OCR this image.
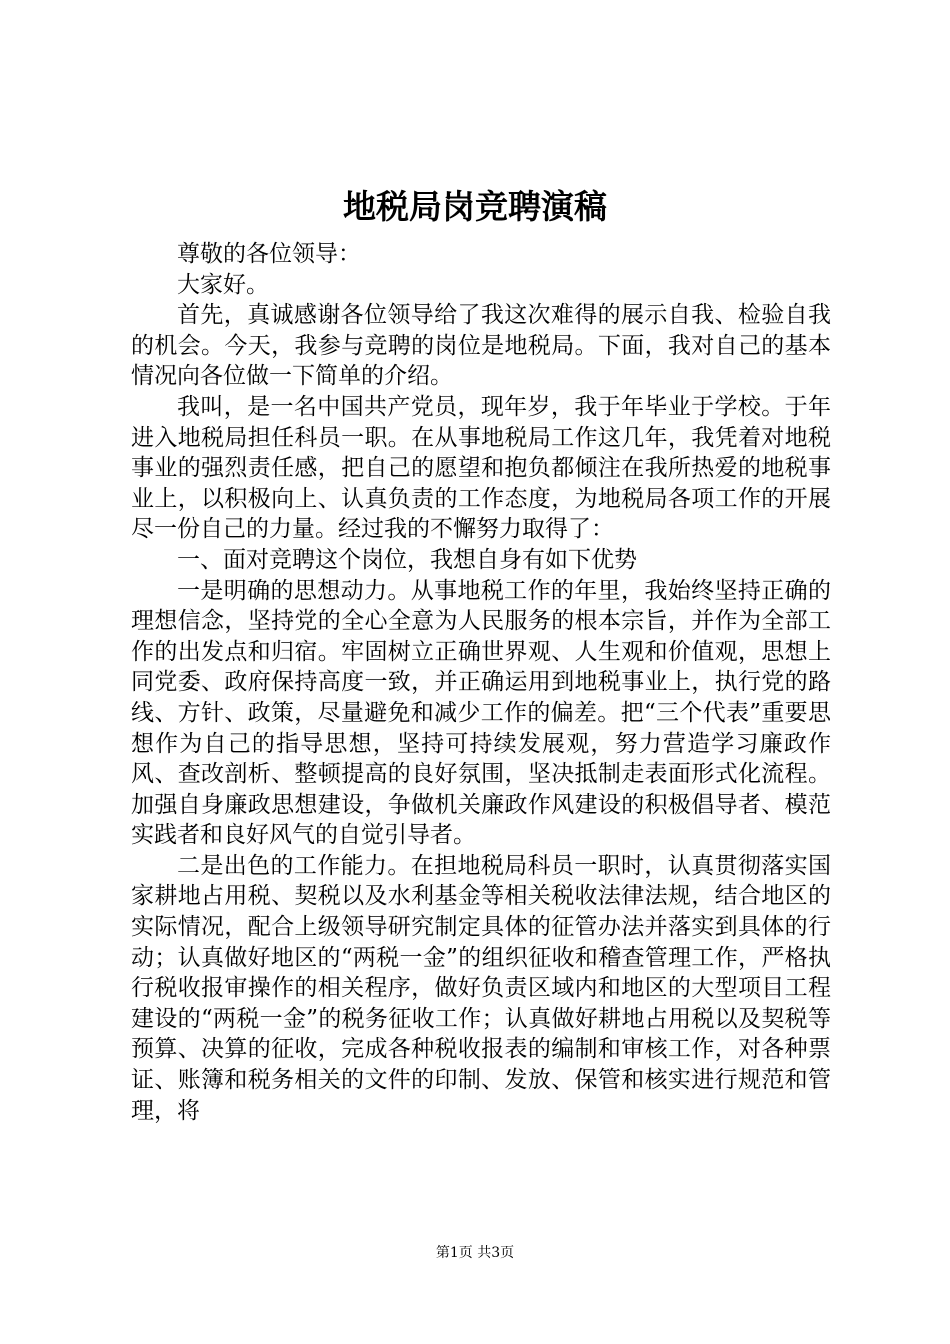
地税局岗竞聘演稿

尊敬的各位领导：

大家好。

首先，真诚感谢各位领导给了我这次难得的展示自我、检验自我的机会。今天，我参与竞聘的岗位是地税局。下面，我对自己的基本情况向各位做一下简单的介绍。

我叫，是一名中国共产党员，现年岁，我于年毕业于学校。于年进入地税局担任科员一职。在从事地税局工作这几年，我凭着对地税事业的强烈责任感，把自己的愿望和抱负都倾注在我所热爱的地税事业上，以积极向上、认真负责的工作态度，为地税局各项工作的开展尽一份自己的力量。经过我的不懈努力取得了：

一、面对竞聘这个岗位，我想自身有如下优势

一是明确的思想动力。从事地税工作的年里，我始终坚持正确的理想信念，坚持党的全心全意为人民服务的根本宗旨，并作为全部工作的出发点和归宿。牢固树立正确世界观、人生观和价值观，思想上同党委、政府保持高度一致，并正确运用到地税事业上，执行党的路线、方针、政策，尽量避免和减少工作的偏差。把“三个代表”重要思想作为自己的指导思想，坚持可持续发展观，努力营造学习廉政作风、查改剖析、整顿提高的良好氛围，坚决抵制走表面形式化流程。加强自身廉政思想建设，争做机关廉政作风建设的积极倡导者、模范实践者和良好风气的自觉引导者。

二是出色的工作能力。在担地税局科员一职时，认真贯彻落实国家耕地占用税、契税以及水利基金等相关税收法律法规，结合地区的实际情况，配合上级领导研究制定具体的征管办法并落实到具体的行动；认真做好地区的“两税一金”的组织征收和稽查管理工作，严格执行税收报审操作的相关程序，做好负责区域内和地区的大型项目工程建设的“两税一金”的税务征收工作；认真做好耕地占用税以及契税等预算、决算的征收，完成各种税收报表的编制和审核工作，对各种票证、账簿和税务相关的文件的印制、发放、保管和核实进行规范和管理，将

第1页 共3页
